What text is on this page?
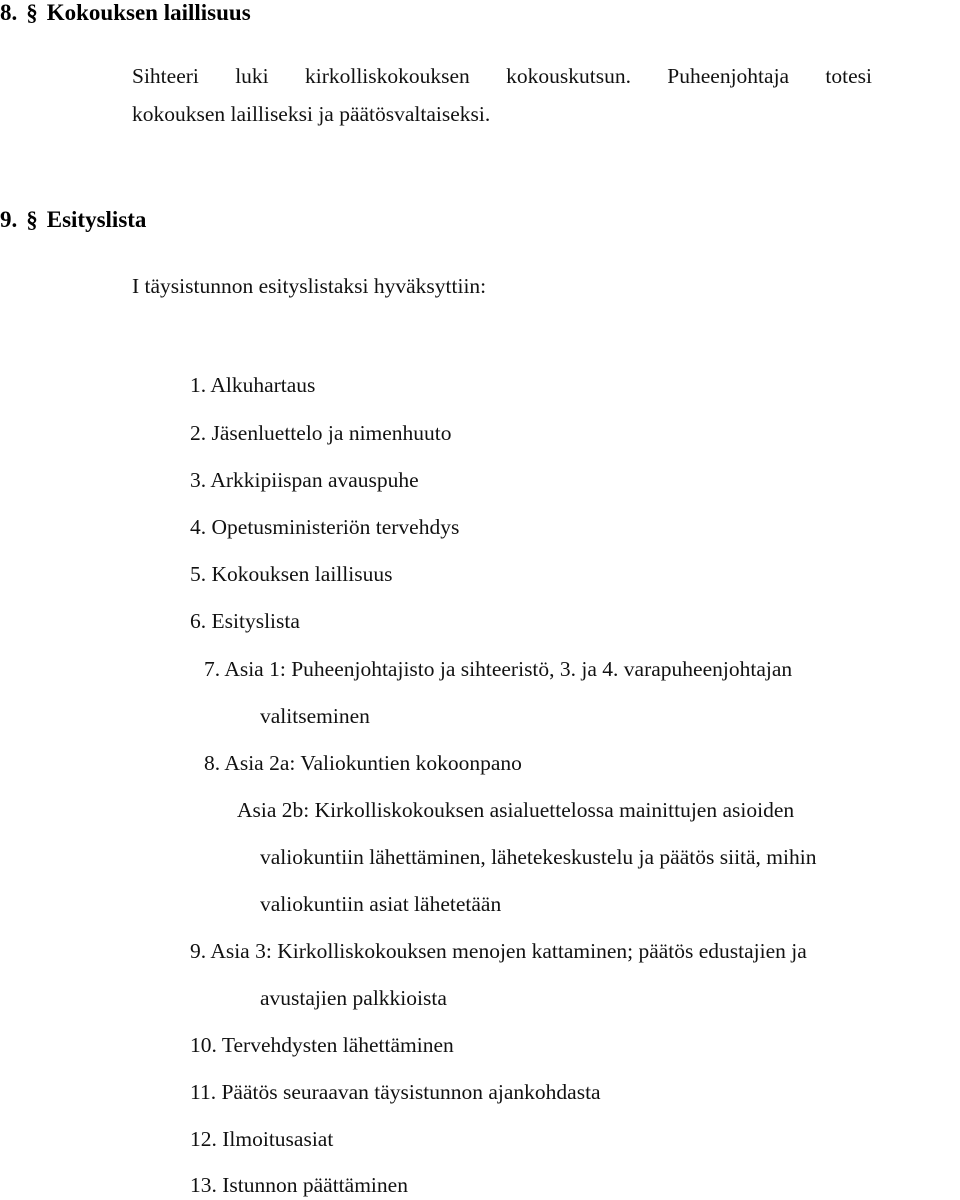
8. § Kokouksen laillisuus
Sihteeri luki kirkolliskokouksen kokouskutsun. Puheenjohtaja totesi
kokouksen lailliseksi ja päätösvaltaiseksi.
9. § Esityslista
I täysistunnon esityslistaksi hyväksyttiin:
1. Alkuhartaus
2. Jäsenluettelo ja nimenhuuto
3. Arkkipiispan avauspuhe
4. Opetusministeriön tervehdys
5. Kokouksen laillisuus
6. Esityslista
7. Asia 1: Puheenjohtajisto ja sihteeristö, 3. ja 4. varapuheenjohtajan
valitseminen
8. Asia 2a: Valiokuntien kokoonpano
Asia 2b: Kirkolliskokouksen asialuettelossa mainittujen asioiden
valiokuntiin lähettäminen, lähetekeskustelu ja päätös siitä, mihin
valiokuntiin asiat lähetetään
9. Asia 3: Kirkolliskokouksen menojen kattaminen; päätös edustajien ja
avustajien palkkioista
10. Tervehdysten lähettäminen
11. Päätös seuraavan täysistunnon ajankohdasta
12. Ilmoitusasiat
13. Istunnon päättäminen
